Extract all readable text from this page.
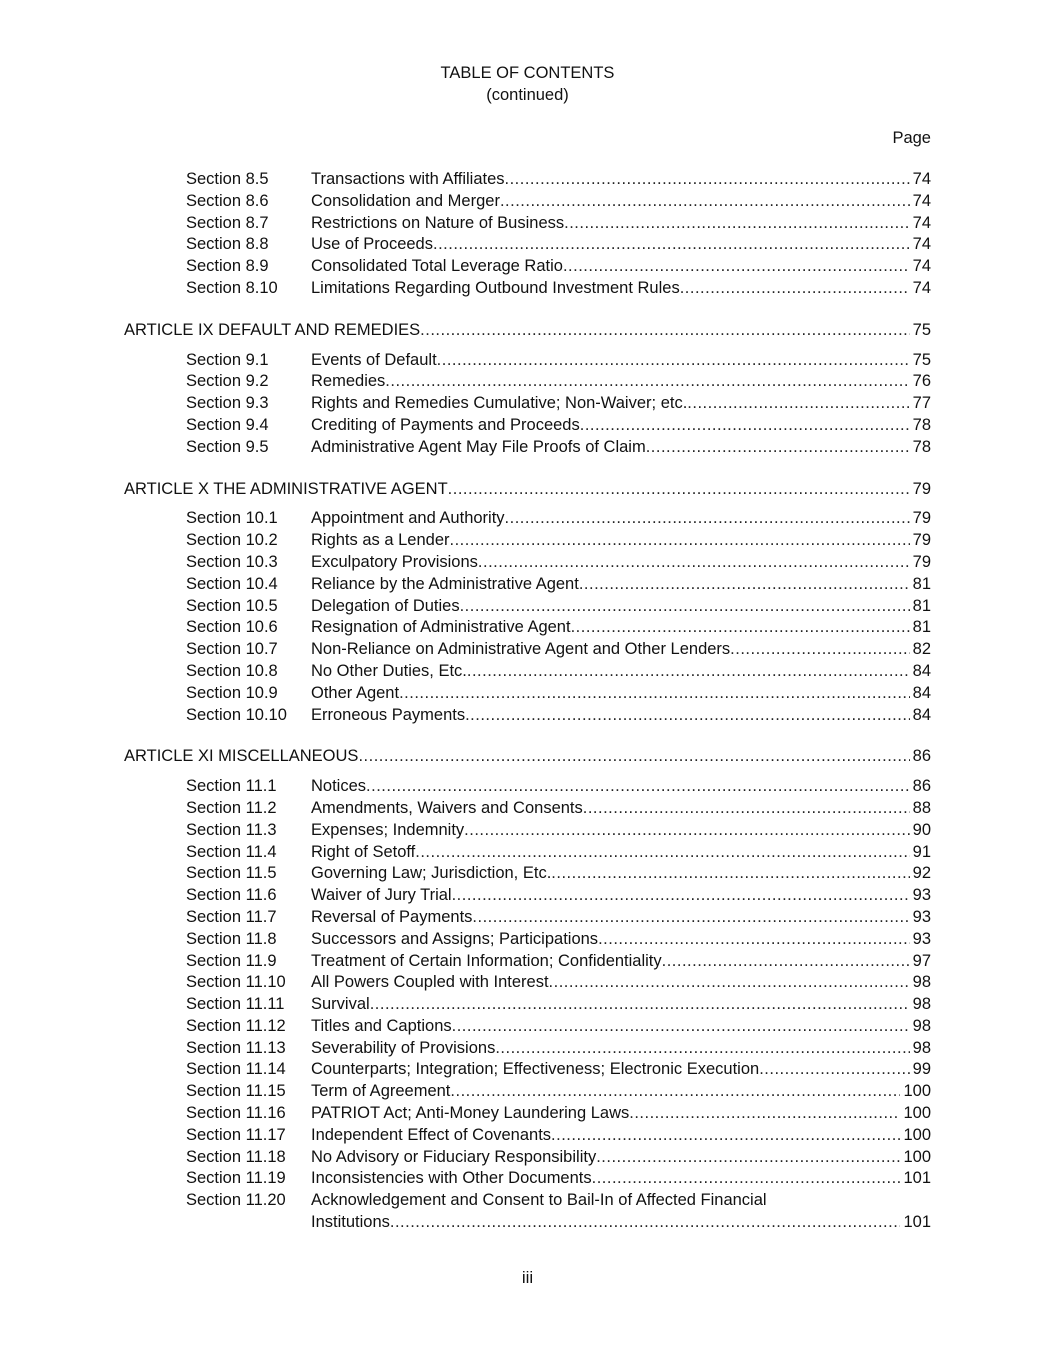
TABLE OF CONTENTS
(continued)
Page
Section 8.5	Transactions with Affiliates .....	74
Section 8.6	Consolidation and Merger .....	74
Section 8.7	Restrictions on Nature of Business .....	74
Section 8.8	Use of Proceeds .....	74
Section 8.9	Consolidated Total Leverage Ratio .....	74
Section 8.10	Limitations Regarding Outbound Investment Rules .....	74
ARTICLE IX DEFAULT AND REMEDIES .....	75
Section 9.1	Events of Default .....	75
Section 9.2	Remedies .....	76
Section 9.3	Rights and Remedies Cumulative; Non-Waiver; etc. .....	77
Section 9.4	Crediting of Payments and Proceeds .....	78
Section 9.5	Administrative Agent May File Proofs of Claim .....	78
ARTICLE X THE ADMINISTRATIVE AGENT .....	79
Section 10.1	Appointment and Authority .....	79
Section 10.2	Rights as a Lender .....	79
Section 10.3	Exculpatory Provisions .....	79
Section 10.4	Reliance by the Administrative Agent .....	81
Section 10.5	Delegation of Duties .....	81
Section 10.6	Resignation of Administrative Agent .....	81
Section 10.7	Non-Reliance on Administrative Agent and Other Lenders .....	82
Section 10.8	No Other Duties, Etc. .....	84
Section 10.9	Other Agent .....	84
Section 10.10	Erroneous Payments .....	84
ARTICLE XI MISCELLANEOUS .....	86
Section 11.1	Notices .....	86
Section 11.2	Amendments, Waivers and Consents .....	88
Section 11.3	Expenses; Indemnity .....	90
Section 11.4	Right of Setoff .....	91
Section 11.5	Governing Law; Jurisdiction, Etc. .....	92
Section 11.6	Waiver of Jury Trial .....	93
Section 11.7	Reversal of Payments .....	93
Section 11.8	Successors and Assigns; Participations .....	93
Section 11.9	Treatment of Certain Information; Confidentiality .....	97
Section 11.10	All Powers Coupled with Interest .....	98
Section 11.11	Survival .....	98
Section 11.12	Titles and Captions .....	98
Section 11.13	Severability of Provisions .....	98
Section 11.14	Counterparts; Integration; Effectiveness; Electronic Execution .....	99
Section 11.15	Term of Agreement .....	100
Section 11.16	PATRIOT Act; Anti-Money Laundering Laws .....	100
Section 11.17	Independent Effect of Covenants .....	100
Section 11.18	No Advisory or Fiduciary Responsibility .....	100
Section 11.19	Inconsistencies with Other Documents .....	101
Section 11.20	Acknowledgement and Consent to Bail-In of Affected Financial
Institutions .....	101
iii
